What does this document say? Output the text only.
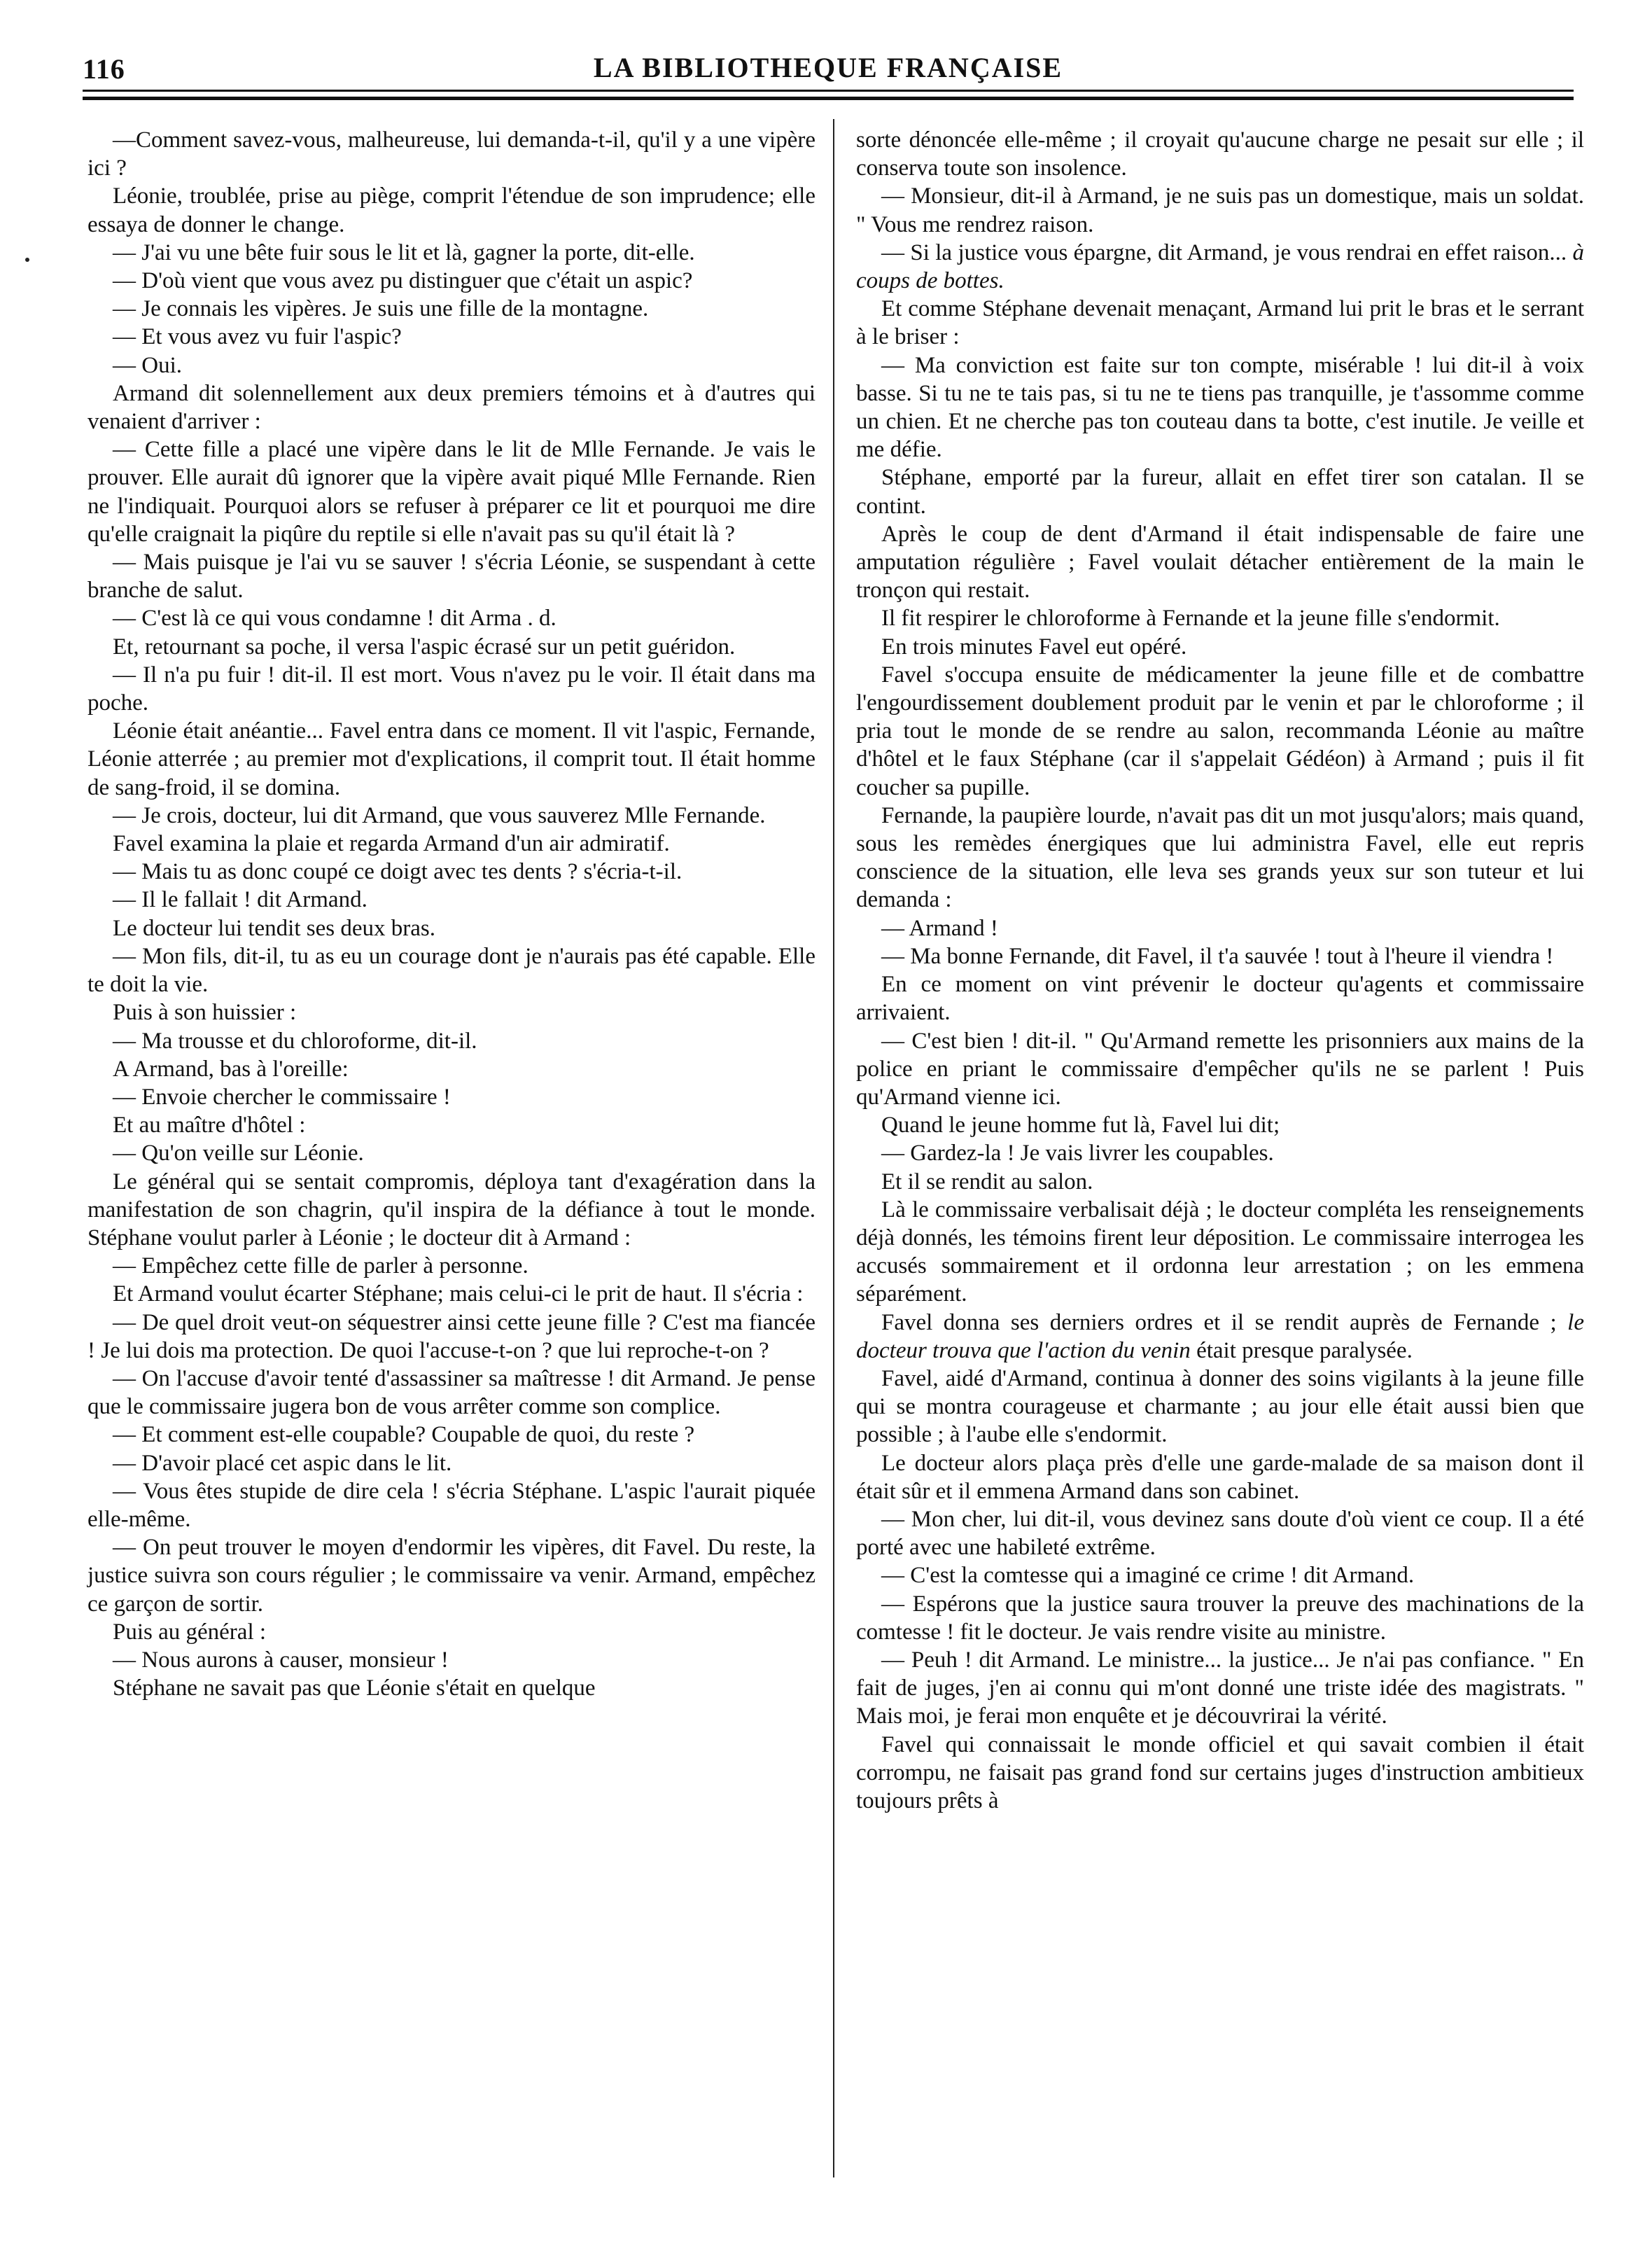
116	LA BIBLIOTHEQUE FRANÇAISE

—Comment savez-vous, malheureuse, lui demanda-t-il, qu'il y a une vipère ici ?

Léonie, troublée, prise au piège, comprit l'étendue de son imprudence; elle essaya de donner le change.

— J'ai vu une bête fuir sous le lit et là, gagner la porte, dit-elle.

— D'où vient que vous avez pu distinguer que c'était un aspic?

— Je connais les vipères. Je suis une fille de la montagne.

— Et vous avez vu fuir l'aspic?

— Oui.

Armand dit solennellement aux deux premiers témoins et à d'autres qui venaient d'arriver :

— Cette fille a placé une vipère dans le lit de Mlle Fernande. Je vais le prouver. Elle aurait dû ignorer que la vipère avait piqué Mlle Fernande. Rien ne l'indiquait. Pourquoi alors se refuser à préparer ce lit et pourquoi me dire qu'elle craignait la piqûre du reptile si elle n'avait pas su qu'il était là ?

— Mais puisque je l'ai vu se sauver ! s'écria Léonie, se suspendant à cette branche de salut.

— C'est là ce qui vous condamne ! dit Arma . d.

Et, retournant sa poche, il versa l'aspic écrasé sur un petit guéridon.

— Il n'a pu fuir ! dit-il. Il est mort. Vous n'avez pu le voir. Il était dans ma poche.

Léonie était anéantie... Favel entra dans ce moment. Il vit l'aspic, Fernande, Léonie atterrée ; au premier mot d'explications, il comprit tout. Il était homme de sang-froid, il se domina.

— Je crois, docteur, lui dit Armand, que vous sauverez Mlle Fernande.

Favel examina la plaie et regarda Armand d'un air admiratif.

— Mais tu as donc coupé ce doigt avec tes dents ? s'écria-t-il.

— Il le fallait ! dit Armand.

Le docteur lui tendit ses deux bras.

— Mon fils, dit-il, tu as eu un courage dont je n'aurais pas été capable. Elle te doit la vie.

Puis à son huissier :

— Ma trousse et du chloroforme, dit-il.

A Armand, bas à l'oreille:

— Envoie chercher le commissaire !

Et au maître d'hôtel :

— Qu'on veille sur Léonie.

Le général qui se sentait compromis, déploya tant d'exagération dans la manifestation de son chagrin, qu'il inspira de la défiance à tout le monde. Stéphane voulut parler à Léonie ; le docteur dit à Armand :

— Empêchez cette fille de parler à personne.

Et Armand voulut écarter Stéphane; mais celui-ci le prit de haut. Il s'écria :

— De quel droit veut-on séquestrer ainsi cette jeune fille ? C'est ma fiancée ! Je lui dois ma protection. De quoi l'accuse-t-on ? que lui reproche-t-on ?

— On l'accuse d'avoir tenté d'assassiner sa maîtresse ! dit Armand. Je pense que le commissaire jugera bon de vous arrêter comme son complice.

— Et comment est-elle coupable? Coupable de quoi, du reste ?

— D'avoir placé cet aspic dans le lit.

— Vous êtes stupide de dire cela ! s'écria Stéphane. L'aspic l'aurait piquée elle-même.

— On peut trouver le moyen d'endormir les vipères, dit Favel. Du reste, la justice suivra son cours régulier ; le commissaire va venir. Armand, empêchez ce garçon de sortir.

Puis au général :

— Nous aurons à causer, monsieur !

Stéphane ne savait pas que Léonie s'était en quelque

sorte dénoncée elle-même ; il croyait qu'aucune charge ne pesait sur elle ; il conserva toute son insolence.

— Monsieur, dit-il à Armand, je ne suis pas un domestique, mais un soldat. " Vous me rendrez raison.

— Si la justice vous épargne, dit Armand, je vous rendrai en effet raison... à coups de bottes.

Et comme Stéphane devenait menaçant, Armand lui prit le bras et le serrant à le briser :

— Ma conviction est faite sur ton compte, misérable ! lui dit-il à voix basse. Si tu ne te tais pas, si tu ne te tiens pas tranquille, je t'assomme comme un chien. Et ne cherche pas ton couteau dans ta botte, c'est inutile. Je veille et me défie.

Stéphane, emporté par la fureur, allait en effet tirer son catalan. Il se contint.

Après le coup de dent d'Armand il était indispensable de faire une amputation régulière ; Favel voulait détacher entièrement de la main le tronçon qui restait.

Il fit respirer le chloroforme à Fernande et la jeune fille s'endormit.

En trois minutes Favel eut opéré.

Favel s'occupa ensuite de médicamenter la jeune fille et de combattre l'engourdissement doublement produit par le venin et par le chloroforme ; il pria tout le monde de se rendre au salon, recommanda Léonie au maître d'hôtel et le faux Stéphane (car il s'appelait Gédéon) à Armand ; puis il fit coucher sa pupille.

Fernande, la paupière lourde, n'avait pas dit un mot jusqu'alors; mais quand, sous les remèdes énergiques que lui administra Favel, elle eut repris conscience de la situation, elle leva ses grands yeux sur son tuteur et lui demanda :

— Armand !

— Ma bonne Fernande, dit Favel, il t'a sauvée ! tout à l'heure il viendra !

En ce moment on vint prévenir le docteur qu'agents et commissaire arrivaient.

— C'est bien ! dit-il. " Qu'Armand remette les prisonniers aux mains de la police en priant le commissaire d'empêcher qu'ils ne se parlent ! Puis qu'Armand vienne ici.

Quand le jeune homme fut là, Favel lui dit;

— Gardez-la ! Je vais livrer les coupables.

Et il se rendit au salon.

Là le commissaire verbalisait déjà ; le docteur compléta les renseignements déjà donnés, les témoins firent leur déposition. Le commissaire interrogea les accusés sommairement et il ordonna leur arrestation ; on les emmena séparément.

Favel donna ses derniers ordres et il se rendit auprès de Fernande ; le docteur trouva que l'action du venin était presque paralysée.

Favel, aidé d'Armand, continua à donner des soins vigilants à la jeune fille qui se montra courageuse et charmante ; au jour elle était aussi bien que possible ; à l'aube elle s'endormit.

Le docteur alors plaça près d'elle une garde-malade de sa maison dont il était sûr et il emmena Armand dans son cabinet.

— Mon cher, lui dit-il, vous devinez sans doute d'où vient ce coup. Il a été porté avec une habileté extrême.

— C'est la comtesse qui a imaginé ce crime ! dit Armand.

— Espérons que la justice saura trouver la preuve des machinations de la comtesse ! fit le docteur. Je vais rendre visite au ministre.

— Peuh ! dit Armand. Le ministre... la justice... Je n'ai pas confiance. " En fait de juges, j'en ai connu qui m'ont donné une triste idée des magistrats. " Mais moi, je ferai mon enquête et je découvrirai la vérité.

Favel qui connaissait le monde officiel et qui savait combien il était corrompu, ne faisait pas grand fond sur certains juges d'instruction ambitieux toujours prêts à
